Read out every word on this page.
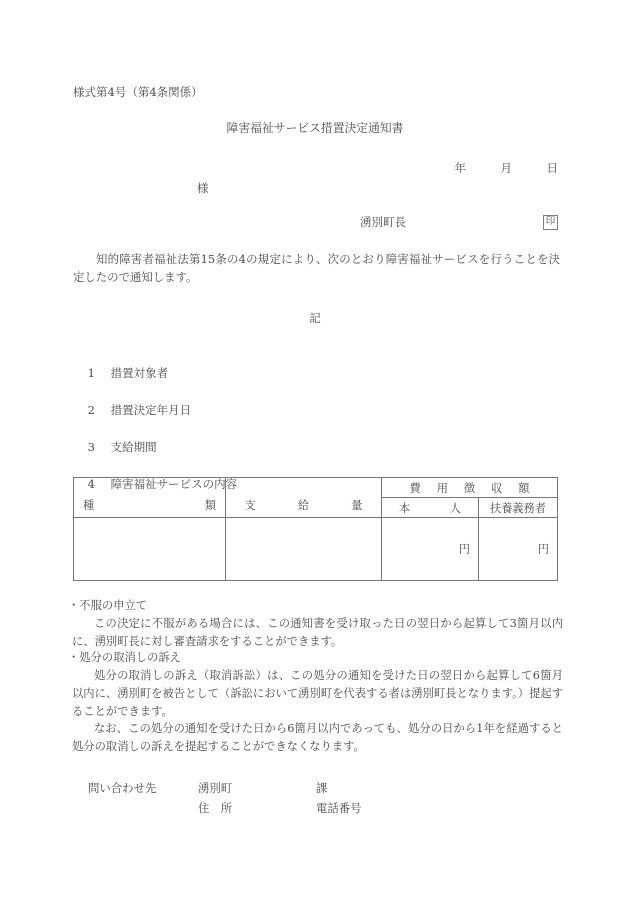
様式第4号（第4条関係）
障害福祉サービス措置決定通知書
年　　　月　　　日
様
湧別町長	印
知的障害者福祉法第15条の4の規定により、次のとおり障害福祉サービスを行うことを決定したので通知します。
記

1 措置対象者

2 措置決定年月日

3 支給期間

4 障害福祉サービスの内容

種 類	支 給 量	費 用 徴 収 額	

		本 人	扶養義務者
		円	円
・不服の申立て
この決定に不服がある場合には、この通知書を受け取った日の翌日から起算して3箇月以内に、湧別町長に対し審査請求をすることができます。
・処分の取消しの訴え
処分の取消しの訴え（取消訴訟）は、この処分の通知を受けた日の翌日から起算して6箇月以内に、湧別町を被告として（訴訟において湧別町を代表する者は湧別町長となります。）提起することができます。
なお、この処分の通知を受けた日から6箇月以内であっても、処分の日から1年を経過すると処分の取消しの訴えを提起することができなくなります。
問い合わせ先	湧別町	課
住　所	電話番号
